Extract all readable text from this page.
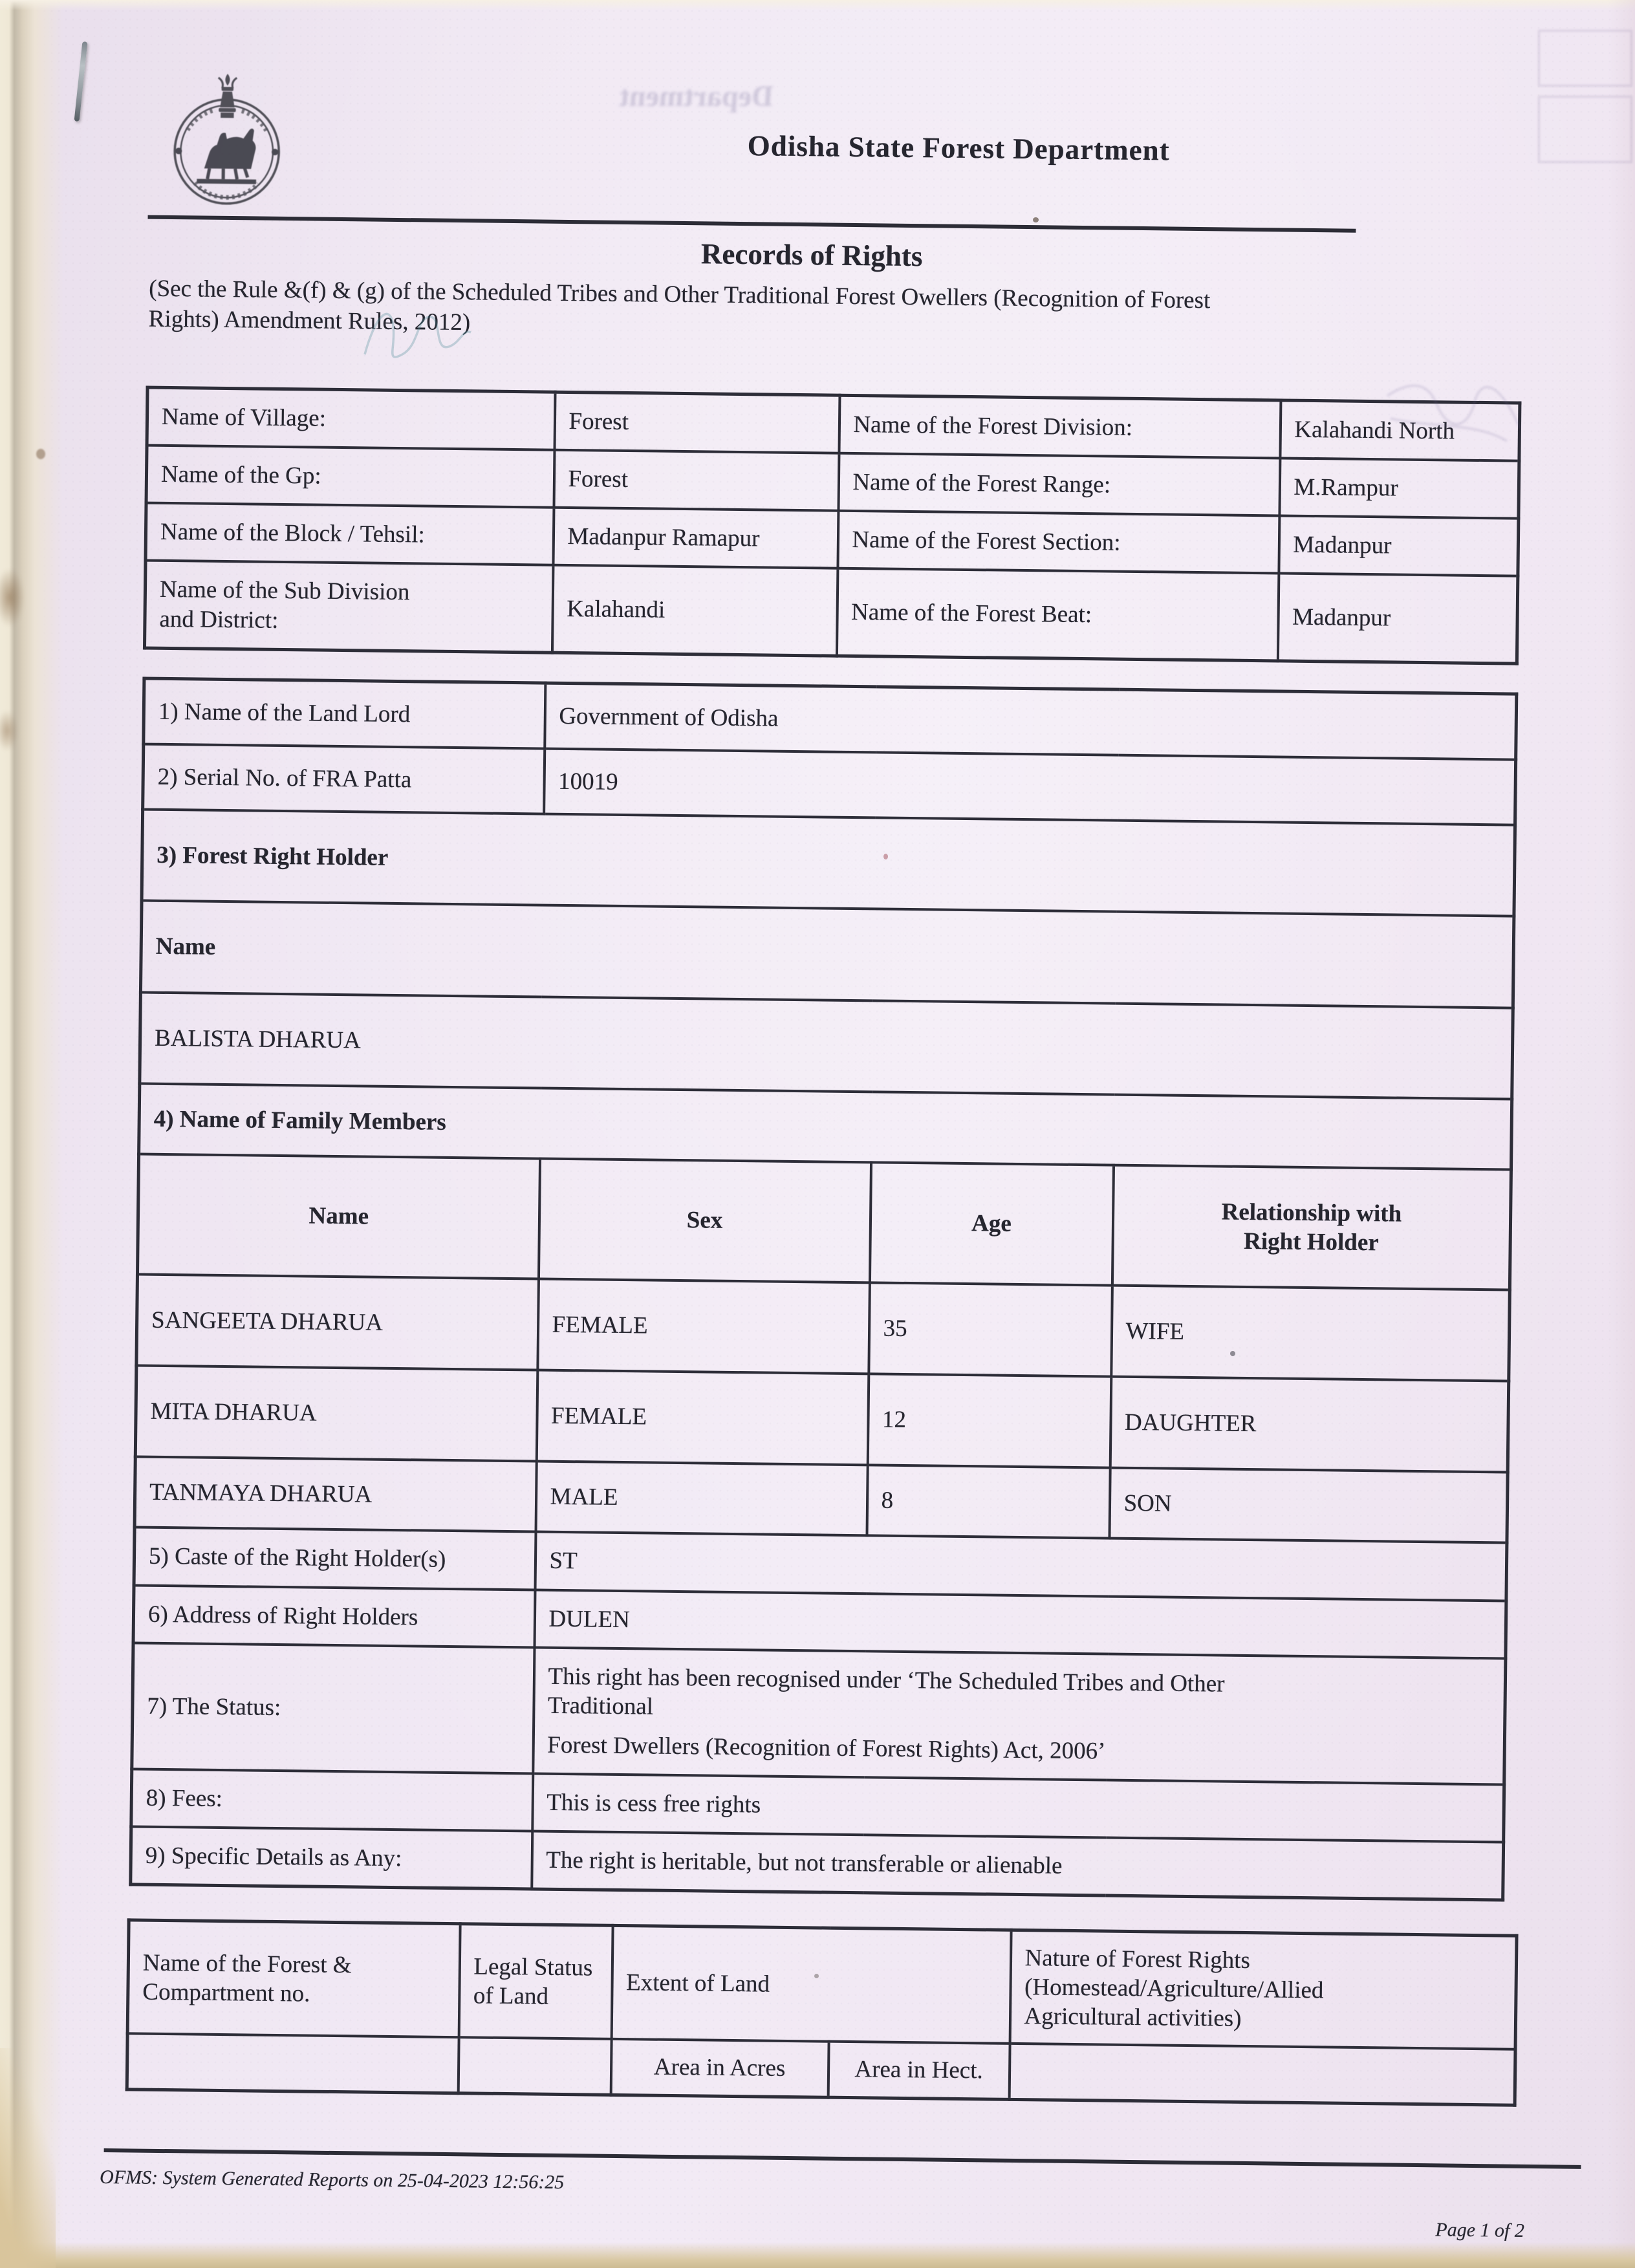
Department
Odisha State Forest Department
Records of Rights
(Sec the Rule &(f) & (g) of the Scheduled Tribes and Other Traditional Forest Owellers (Recognition of Forest
Rights) Amendment Rules, 2012)
Name of Village:	Forest	Name of the Forest Division:	Kalahandi North
Name of the Gp:	Forest	Name of the Forest Range:	M.Rampur
Name of the Block / Tehsil:	Madanpur Ramapur	Name of the Forest Section:	Madanpur
Name of the Sub Division and District:	Kalahandi	Name of the Forest Beat:	Madanpur
1) Name of the Land Lord	Government of Odisha		
2) Serial No. of FRA Patta	10019		
3) Forest Right Holder			
Name			
BALISTA DHARUA			
4) Name of Family Members			
Name	Sex	Age	Relationship with Right Holder
SANGEETA DHARUA	FEMALE	35	WIFE
MITA DHARUA	FEMALE	12	DAUGHTER
TANMAYA DHARUA	MALE	8	SON
5) Caste of the Right Holder(s)	ST		
6) Address of Right Holders	DULEN		
7) The Status:	This right has been recognised under ‘The Scheduled Tribes and Other
Traditional
Forest Dwellers (Recognition of Forest Rights) Act, 2006’		

8) Fees:	This is cess free rights		
9) Specific Details as Any:	The right is heritable, but not transferable or alienable		
Name of the Forest & Compartment no.	Legal Status of Land	Extent of Land		Nature of Forest Rights (Homestead/Agriculture/Allied Agricultural activities)
		Area in Acres	Area in Hect.	
OFMS: System Generated Reports on 25-04-2023 12:56:25
Page 1 of 2
